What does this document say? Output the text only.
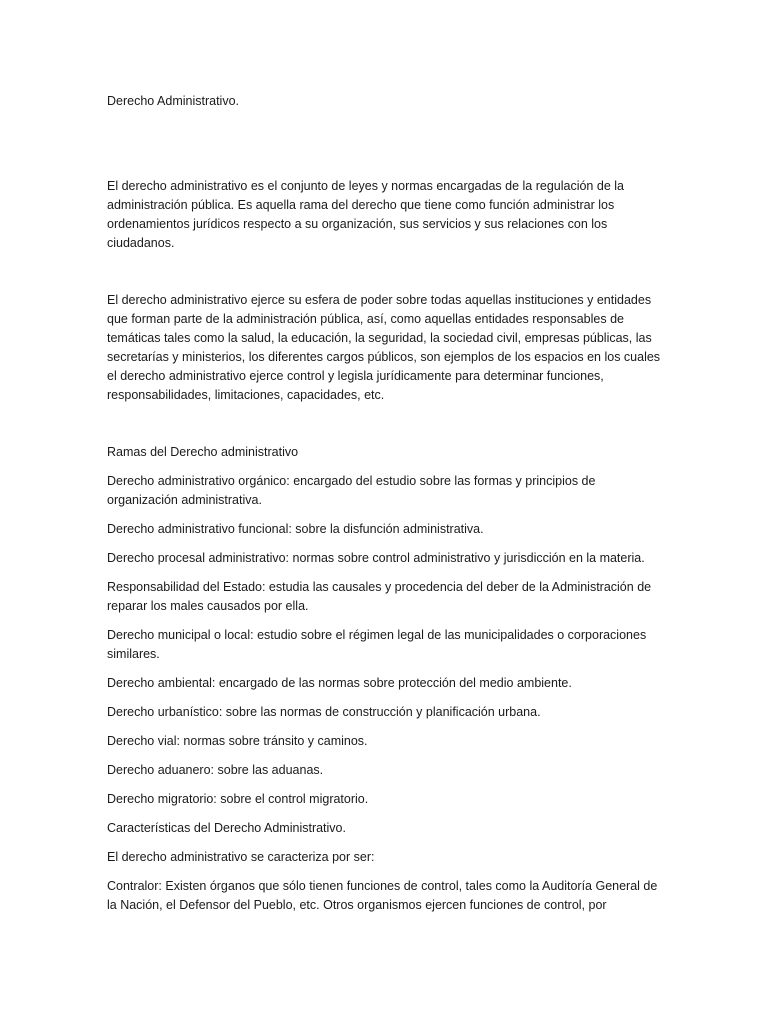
Derecho Administrativo.

El derecho administrativo es el conjunto de leyes y normas encargadas de la regulación de la administración pública. Es aquella rama del derecho que tiene como función administrar los ordenamientos jurídicos respecto a su organización, sus servicios y sus relaciones con los ciudadanos.

El derecho administrativo ejerce su esfera de poder sobre todas aquellas instituciones y entidades que forman parte de la administración pública, así, como aquellas entidades responsables de temáticas tales como la salud, la educación, la seguridad, la sociedad civil, empresas públicas, las secretarías y ministerios, los diferentes cargos públicos, son ejemplos de los espacios en los cuales el derecho administrativo ejerce control y legisla jurídicamente para determinar funciones, responsabilidades, limitaciones, capacidades, etc.

Ramas del Derecho administrativo

Derecho administrativo orgánico: encargado del estudio sobre las formas y principios de organización administrativa.

Derecho administrativo funcional: sobre la disfunción administrativa.

Derecho procesal administrativo: normas sobre control administrativo y jurisdicción en la materia.

Responsabilidad del Estado: estudia las causales y procedencia del deber de la Administración de reparar los males causados por ella.

Derecho municipal o local: estudio sobre el régimen legal de las municipalidades o corporaciones similares.

Derecho ambiental: encargado de las normas sobre protección del medio ambiente.

Derecho urbanístico: sobre las normas de construcción y planificación urbana.

Derecho vial: normas sobre tránsito y caminos.

Derecho aduanero: sobre las aduanas.

Derecho migratorio: sobre el control migratorio.

Características del Derecho Administrativo.

El derecho administrativo se caracteriza por ser:

Contralor: Existen órganos que sólo tienen funciones de control, tales como la Auditoría General de la Nación, el Defensor del Pueblo, etc. Otros organismos ejercen funciones de control, por
